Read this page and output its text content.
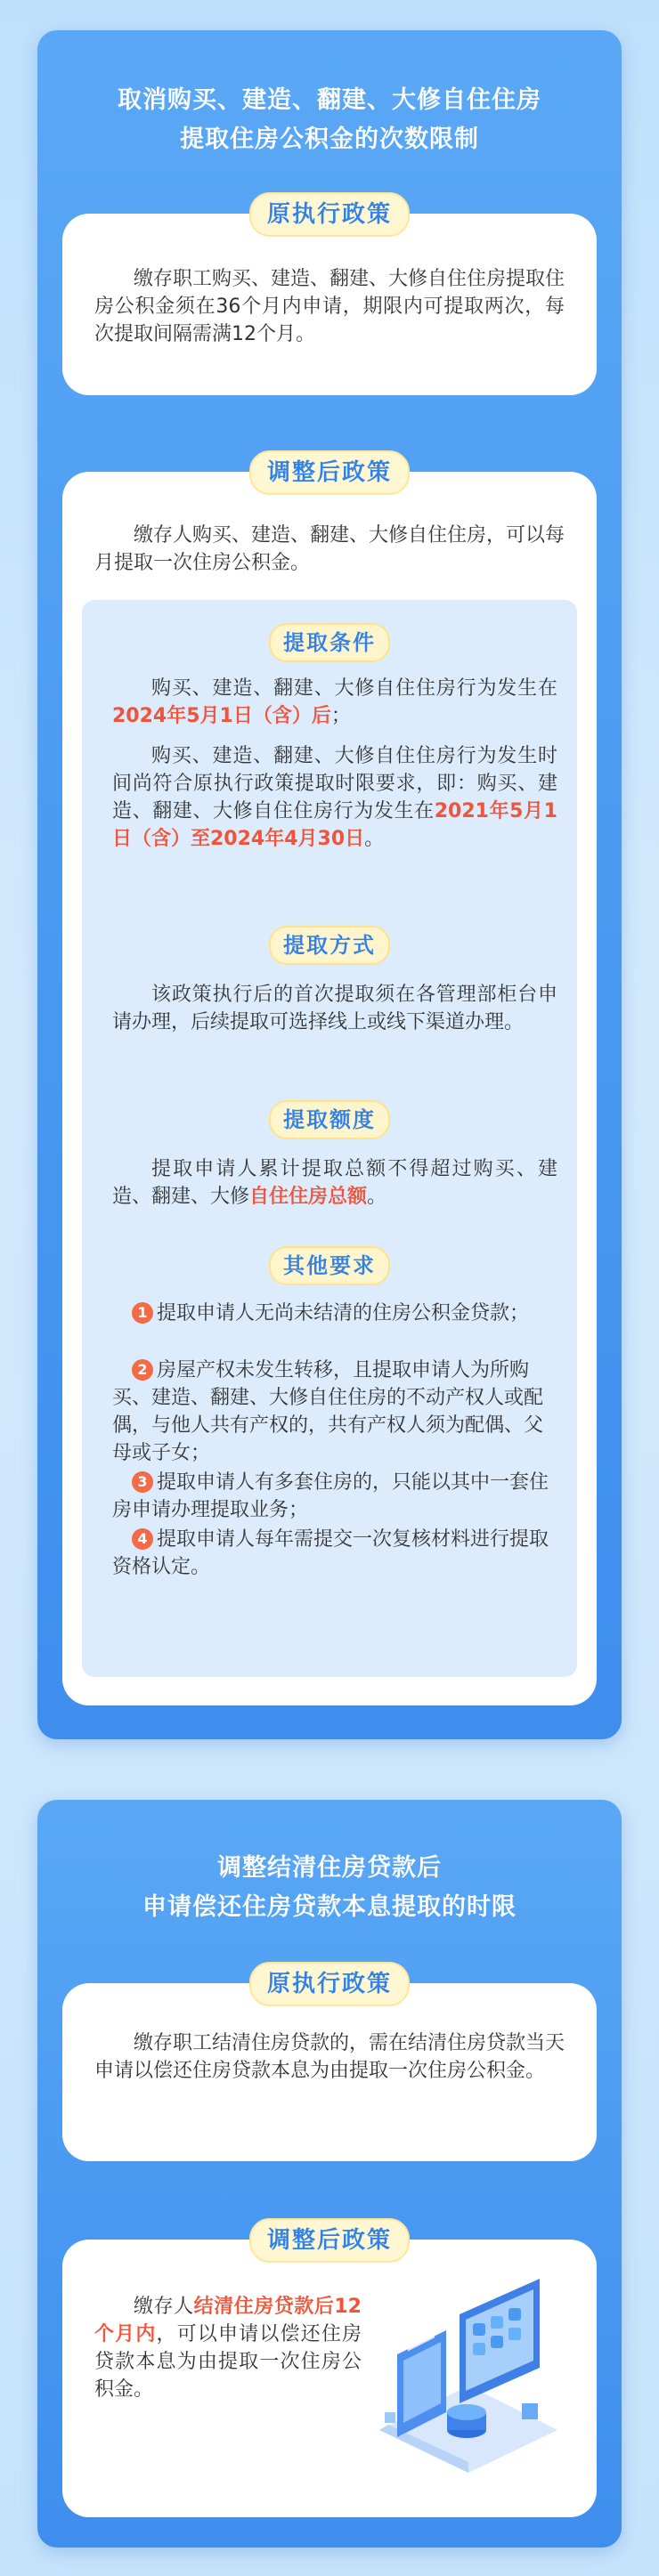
取消购买、建造、翻建、大修自住住房
提取住房公积金的次数限制
原执行政策
缴存职工购买、建造、翻建、大修自住住房提取住房公积金须在36个月内申请，期限内可提取两次，每次提取间隔需满12个月。
调整后政策
缴存人购买、建造、翻建、大修自住住房，可以每月提取一次住房公积金。
提取条件
购买、建造、翻建、大修自住住房行为发生在2024年5月1日（含）后；
购买、建造、翻建、大修自住住房行为发生时间尚符合原执行政策提取时限要求，即：购买、建造、翻建、大修自住住房行为发生在2021年5月1日（含）至2024年4月30日。
提取方式
该政策执行后的首次提取须在各管理部柜台申请办理，后续提取可选择线上或线下渠道办理。
提取额度
提取申请人累计提取总额不得超过购买、建造、翻建、大修自住住房总额。
其他要求
1 提取申请人无尚未结清的住房公积金贷款；
2 房屋产权未发生转移，且提取申请人为所购买、建造、翻建、大修自住住房的不动产权人或配偶，与他人共有产权的，共有产权人须为配偶、父母或子女；
3 提取申请人有多套住房的，只能以其中一套住房申请办理提取业务；
4 提取申请人每年需提交一次复核材料进行提取资格认定。
调整结清住房贷款后
申请偿还住房贷款本息提取的时限
原执行政策
缴存职工结清住房贷款的，需在结清住房贷款当天申请以偿还住房贷款本息为由提取一次住房公积金。
调整后政策
缴存人结清住房贷款后12个月内，可以申请以偿还住房贷款本息为由提取一次住房公积金。
